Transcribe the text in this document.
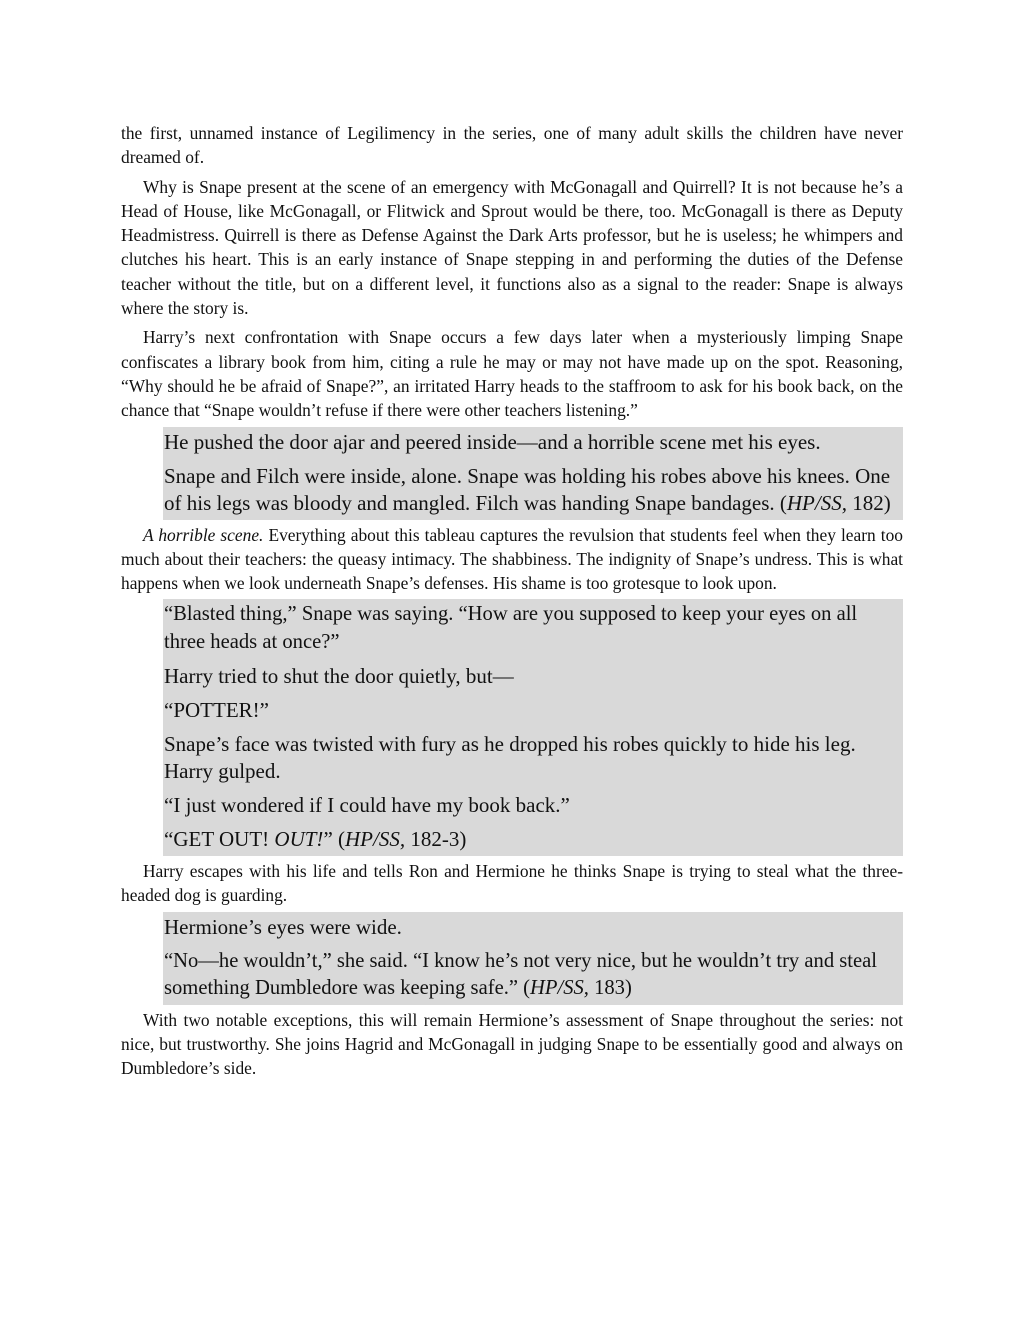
the first, unnamed instance of Legilimency in the series, one of many adult skills the children have never dreamed of.

Why is Snape present at the scene of an emergency with McGonagall and Quirrell? It is not because he’s a Head of House, like McGonagall, or Flitwick and Sprout would be there, too. McGonagall is there as Deputy Headmistress. Quirrell is there as Defense Against the Dark Arts professor, but he is useless; he whimpers and clutches his heart. This is an early instance of Snape stepping in and performing the duties of the Defense teacher without the title, but on a different level, it functions also as a signal to the reader: Snape is always where the story is.

Harry’s next confrontation with Snape occurs a few days later when a mysteriously limping Snape confiscates a library book from him, citing a rule he may or may not have made up on the spot. Reasoning, “Why should he be afraid of Snape?”, an irritated Harry heads to the staffroom to ask for his book back, on the chance that “Snape wouldn’t refuse if there were other teachers listening.”

He pushed the door ajar and peered inside—and a horrible scene met his eyes.

Snape and Filch were inside, alone. Snape was holding his robes above his knees. One of his legs was bloody and mangled. Filch was handing Snape bandages. (HP/SS, 182)

A horrible scene. Everything about this tableau captures the revulsion that students feel when they learn too much about their teachers: the queasy intimacy. The shabbiness. The indignity of Snape’s undress. This is what happens when we look underneath Snape’s defenses. His shame is too grotesque to look upon.

“Blasted thing,” Snape was saying. “How are you supposed to keep your eyes on all three heads at once?”

Harry tried to shut the door quietly, but—

“POTTER!”

Snape’s face was twisted with fury as he dropped his robes quickly to hide his leg. Harry gulped.

“I just wondered if I could have my book back.”

“GET OUT! OUT!” (HP/SS, 182-3)

Harry escapes with his life and tells Ron and Hermione he thinks Snape is trying to steal what the three-headed dog is guarding.

Hermione’s eyes were wide.

“No—he wouldn’t,” she said. “I know he’s not very nice, but he wouldn’t try and steal something Dumbledore was keeping safe.” (HP/SS, 183)

With two notable exceptions, this will remain Hermione’s assessment of Snape throughout the series: not nice, but trustworthy. She joins Hagrid and McGonagall in judging Snape to be essentially good and always on Dumbledore’s side.
